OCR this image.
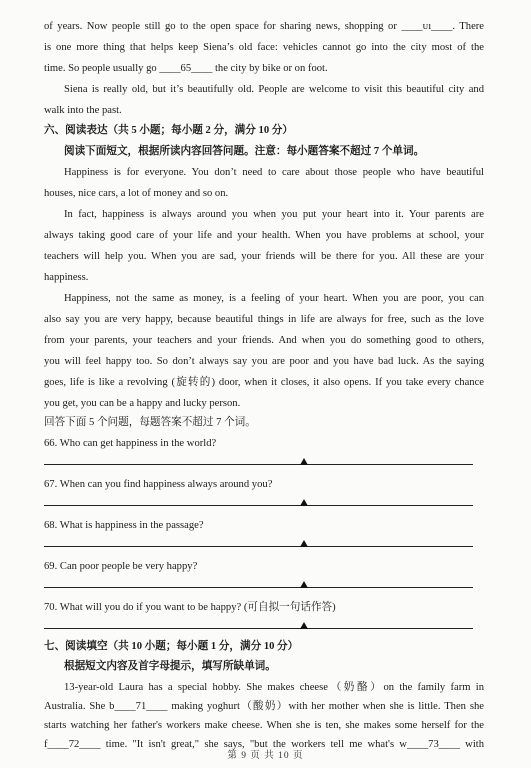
of years. Now people still go to the open space for sharing news, shopping or ____ᴜı____. There
is one more thing that helps keep Siena’s old face: vehicles cannot go into the city most of the
time. So people usually go ____65____ the city by bike or on foot.
Siena is really old, but it’s beautifully old. People are welcome to visit this beautiful city and
walk into the past.
六、阅读表达（共 5 小题；每小题 2 分，满分 10 分）
阅读下面短文，根据所读内容回答问题。注意：每小题答案不超过 7 个单词。
Happiness is for everyone. You don’t need to care about those people who have beautiful
houses, nice cars, a lot of money and so on.
In fact, happiness is always around you when you put your heart into it. Your parents are
always taking good care of your life and your health. When you have problems at school, your
teachers will help you. When you are sad, your friends will be there for you. All these are your
happiness.
Happiness, not the same as money, is a feeling of your heart. When you are poor, you can
also say you are very happy, because beautiful things in life are always for free, such as the love
from your parents, your teachers and your friends. And when you do something good to others,
you will feel happy too. So don’t always say you are poor and you have bad luck. As the saying
goes, life is like a revolving (旋转的) door, when it closes, it also opens. If you take every chance
you get, you can be a happy and lucky person.
回答下面 5 个问题，每题答案不超过 7 个词。
66. Who can get happiness in the world?
67. When can you find happiness always around you?
68. What is happiness in the passage?
69. Can poor people be very happy?
70. What will you do if you want to be happy? (可自拟一句话作答)
七、阅读填空（共 10 小题；每小题 1 分，满分 10 分）
根据短文内容及首字母提示，填写所缺单词。
13-year-old Laura has a special hobby. She makes cheese（奶酪）on the family farm in
Australia. She b____71____ making yoghurt（酸奶）with her mother when she is little. Then she
starts watching her father's workers make cheese. When she is ten, she makes some herself for the
f____72____ time. "It isn't great," she says, "but the workers tell me what's w____73____ with
第 9 页 共 10 页
